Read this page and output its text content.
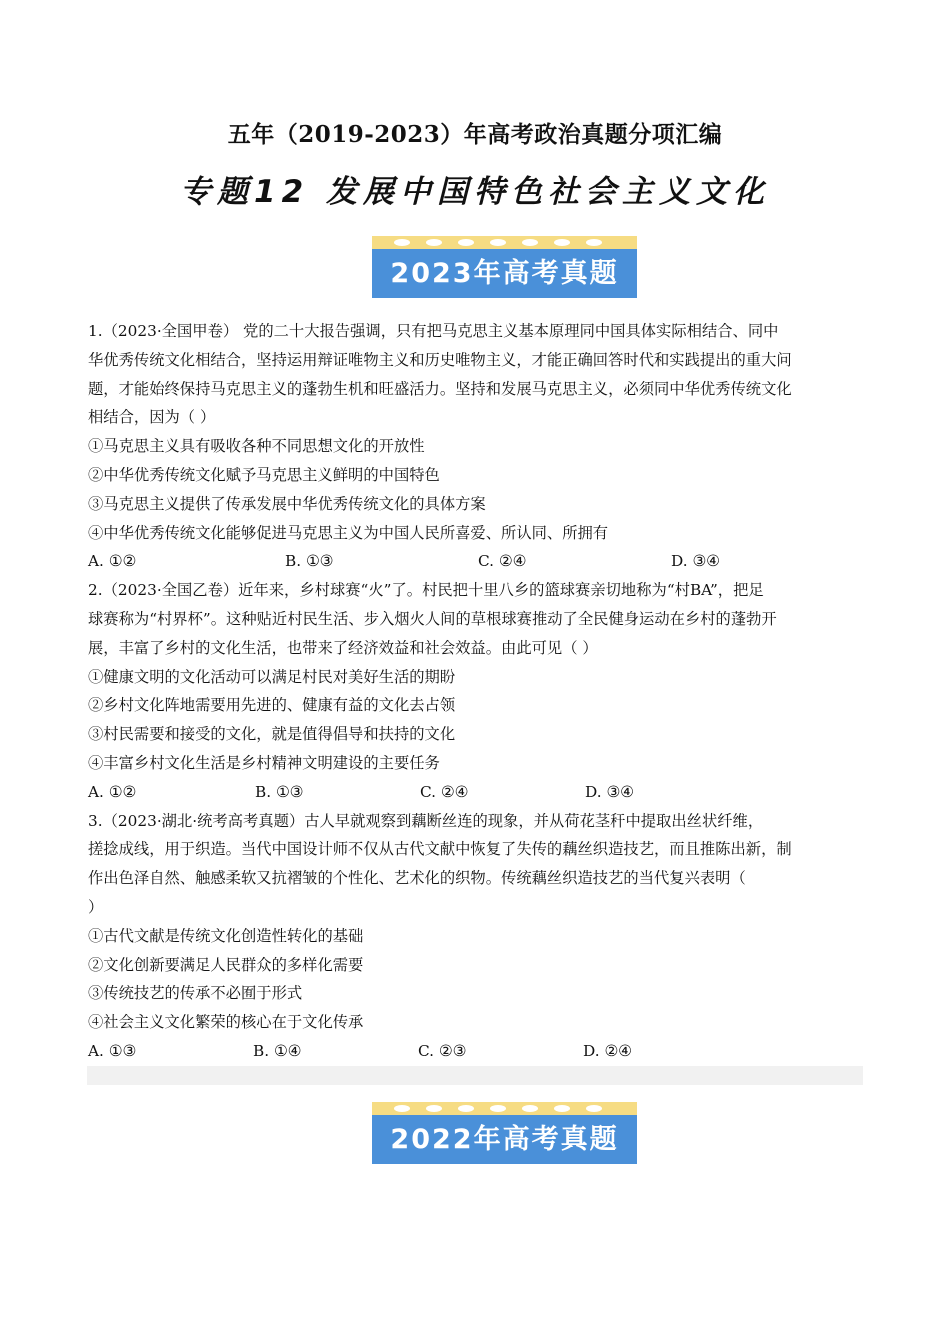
五年（2019-2023）年高考政治真题分项汇编
专题12 发展中国特色社会主义文化
2023年高考真题
1.（2023·全国甲卷） 党的二十大报告强调，只有把马克思主义基本原理同中国具体实际相结合、同中
华优秀传统文化相结合，坚持运用辩证唯物主义和历史唯物主义，才能正确回答时代和实践提出的重大问
题，才能始终保持马克思主义的蓬勃生机和旺盛活力。坚持和发展马克思主义，必须同中华优秀传统文化
相结合，因为（ ）
①马克思主义具有吸收各种不同思想文化的开放性
②中华优秀传统文化赋予马克思主义鲜明的中国特色
③马克思主义提供了传承发展中华优秀传统文化的具体方案
④中华优秀传统文化能够促进马克思主义为中国人民所喜爱、所认同、所拥有
A. ①②	B. ①③	C. ②④	D. ③④
2.（2023·全国乙卷）近年来，乡村球赛“火”了。村民把十里八乡的篮球赛亲切地称为“村BA”，把足
球赛称为“村界杯”。这种贴近村民生活、步入烟火人间的草根球赛推动了全民健身运动在乡村的蓬勃开
展，丰富了乡村的文化生活，也带来了经济效益和社会效益。由此可见（ ）
①健康文明的文化活动可以满足村民对美好生活的期盼
②乡村文化阵地需要用先进的、健康有益的文化去占领
③村民需要和接受的文化，就是值得倡导和扶持的文化
④丰富乡村文化生活是乡村精神文明建设的主要任务
A. ①②	B. ①③	C. ②④	D. ③④
3.（2023·湖北·统考高考真题）古人早就观察到藕断丝连的现象，并从荷花茎秆中提取出丝状纤维，
搓捻成线，用于织造。当代中国设计师不仅从古代文献中恢复了失传的藕丝织造技艺，而且推陈出新，制
作出色泽自然、触感柔软又抗褶皱的个性化、艺术化的织物。传统藕丝织造技艺的当代复兴表明（
）
①古代文献是传统文化创造性转化的基础
②文化创新要满足人民群众的多样化需要
③传统技艺的传承不必囿于形式
④社会主义文化繁荣的核心在于文化传承
A. ①③	B. ①④	C. ②③	D. ②④
2022年高考真题
